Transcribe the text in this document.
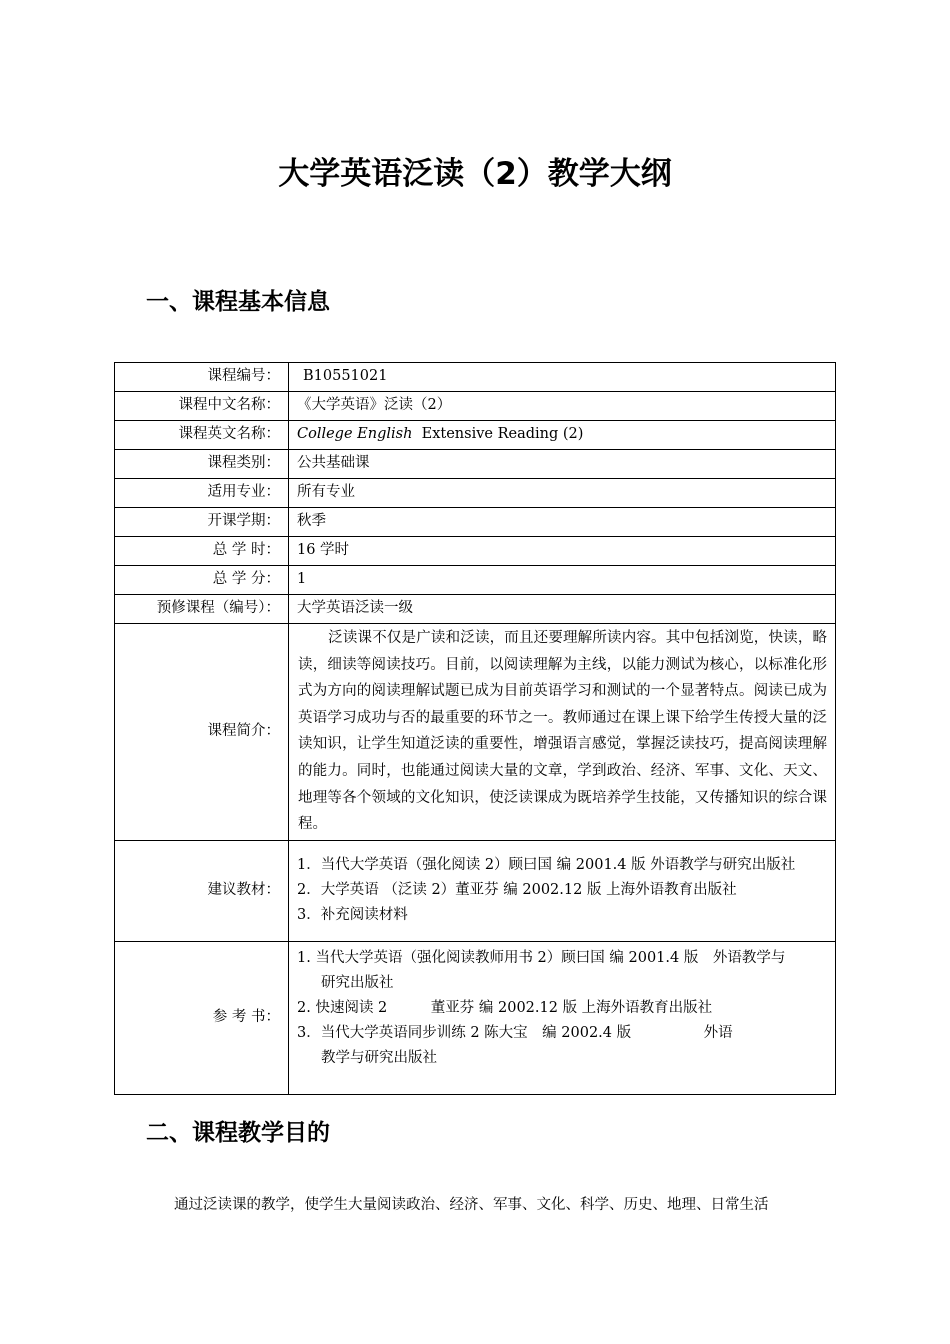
大学英语泛读（2）教学大纲
一、课程基本信息
课程编号：	B10551021
课程中文名称：	《大学英语》泛读（2）
课程英文名称：	College English Extensive Reading (2)
课程类别：	公共基础课
适用专业：	所有专业
开课学期：	秋季
总 学 时：	16 学时
总 学 分：	1
预修课程（编号）：	大学英语泛读一级
课程简介：	泛读课不仅是广读和泛读，而且还要理解所读内容。其中包括浏览，快读，略读，细读等阅读技巧。目前，以阅读理解为主线，以能力测试为核心，以标准化形式为方向的阅读理解试题已成为目前英语学习和测试的一个显著特点。阅读已成为英语学习成功与否的最重要的环节之一。教师通过在课上课下给学生传授大量的泛读知识，让学生知道泛读的重要性，增强语言感觉，掌握泛读技巧，提高阅读理解的能力。同时，也能通过阅读大量的文章，学到政治、经济、军事、文化、天文、地理等各个领域的文化知识，使泛读课成为既培养学生技能，又传播知识的综合课程。
建议教材：	1．当代大学英语（强化阅读 2）顾曰国 编 2001.4 版 外语教学与研究出版社
2．大学英语 （泛读 2）董亚芬 编 2002.12 版 上海外语教育出版社
3．补充阅读材料

参 考 书：	1. 当代大学英语（强化阅读教师用书 2）顾曰国 编 2001.4 版　外语教学与
研究出版社
2. 快速阅读 2　　　董亚芬 编 2002.12 版 上海外语教育出版社
3．当代大学英语同步训练 2 陈大宝　编 2002.4 版　　　　　外语
教学与研究出版社
二、课程教学目的
通过泛读课的教学，使学生大量阅读政治、经济、军事、文化、科学、历史、地理、日常生活
